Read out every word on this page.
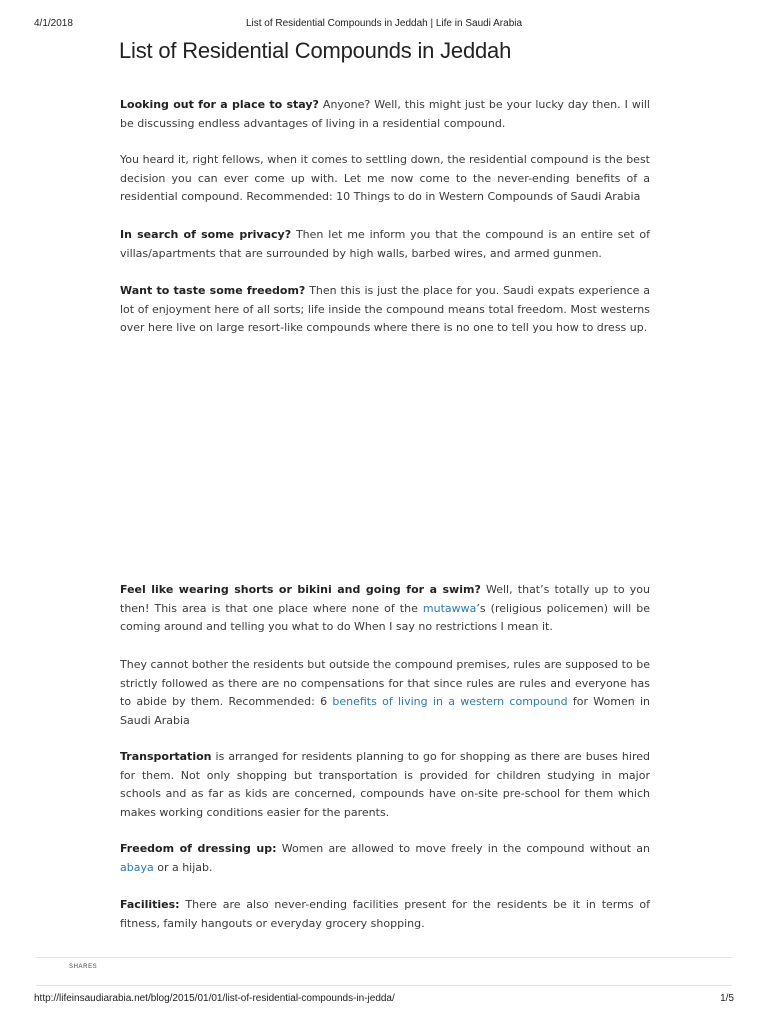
4/1/2018	List of Residential Compounds in Jeddah | Life in Saudi Arabia
List of Residential Compounds in Jeddah

Looking out for a place to stay? Anyone? Well, this might just be your lucky day then. I will be discussing endless advantages of living in a residential compound.

You heard it, right fellows, when it comes to settling down, the residential compound is the best decision you can ever come up with. Let me now come to the never-ending benefits of a residential compound. Recommended: 10 Things to do in Western Compounds of Saudi Arabia

In search of some privacy? Then let me inform you that the compound is an entire set of villas/apartments that are surrounded by high walls, barbed wires, and armed gunmen.

Want to taste some freedom? Then this is just the place for you. Saudi expats experience a lot of enjoyment here of all sorts; life inside the compound means total freedom. Most westerns over here live on large resort-like compounds where there is no one to tell you how to dress up.

Feel like wearing shorts or bikini and going for a swim? Well, that’s totally up to you then! This area is that one place where none of the mutawwa’s (religious policemen) will be coming around and telling you what to do When I say no restrictions I mean it.

They cannot bother the residents but outside the compound premises, rules are supposed to be strictly followed as there are no compensations for that since rules are rules and everyone has to abide by them. Recommended: 6 benefits of living in a western compound for Women in Saudi Arabia

Transportation is arranged for residents planning to go for shopping as there are buses hired for them. Not only shopping but transportation is provided for children studying in major schools and as far as kids are concerned, compounds have on-site pre-school for them which makes working conditions easier for the parents.

Freedom of dressing up: Women are allowed to move freely in the compound without an abaya or a hijab.

Facilities: There are also never-ending facilities present for the residents be it in terms of fitness, family hangouts or everyday grocery shopping.

SHARES
http://lifeinsaudiarabia.net/blog/2015/01/01/list-of-residential-compounds-in-jedda/	1/5
